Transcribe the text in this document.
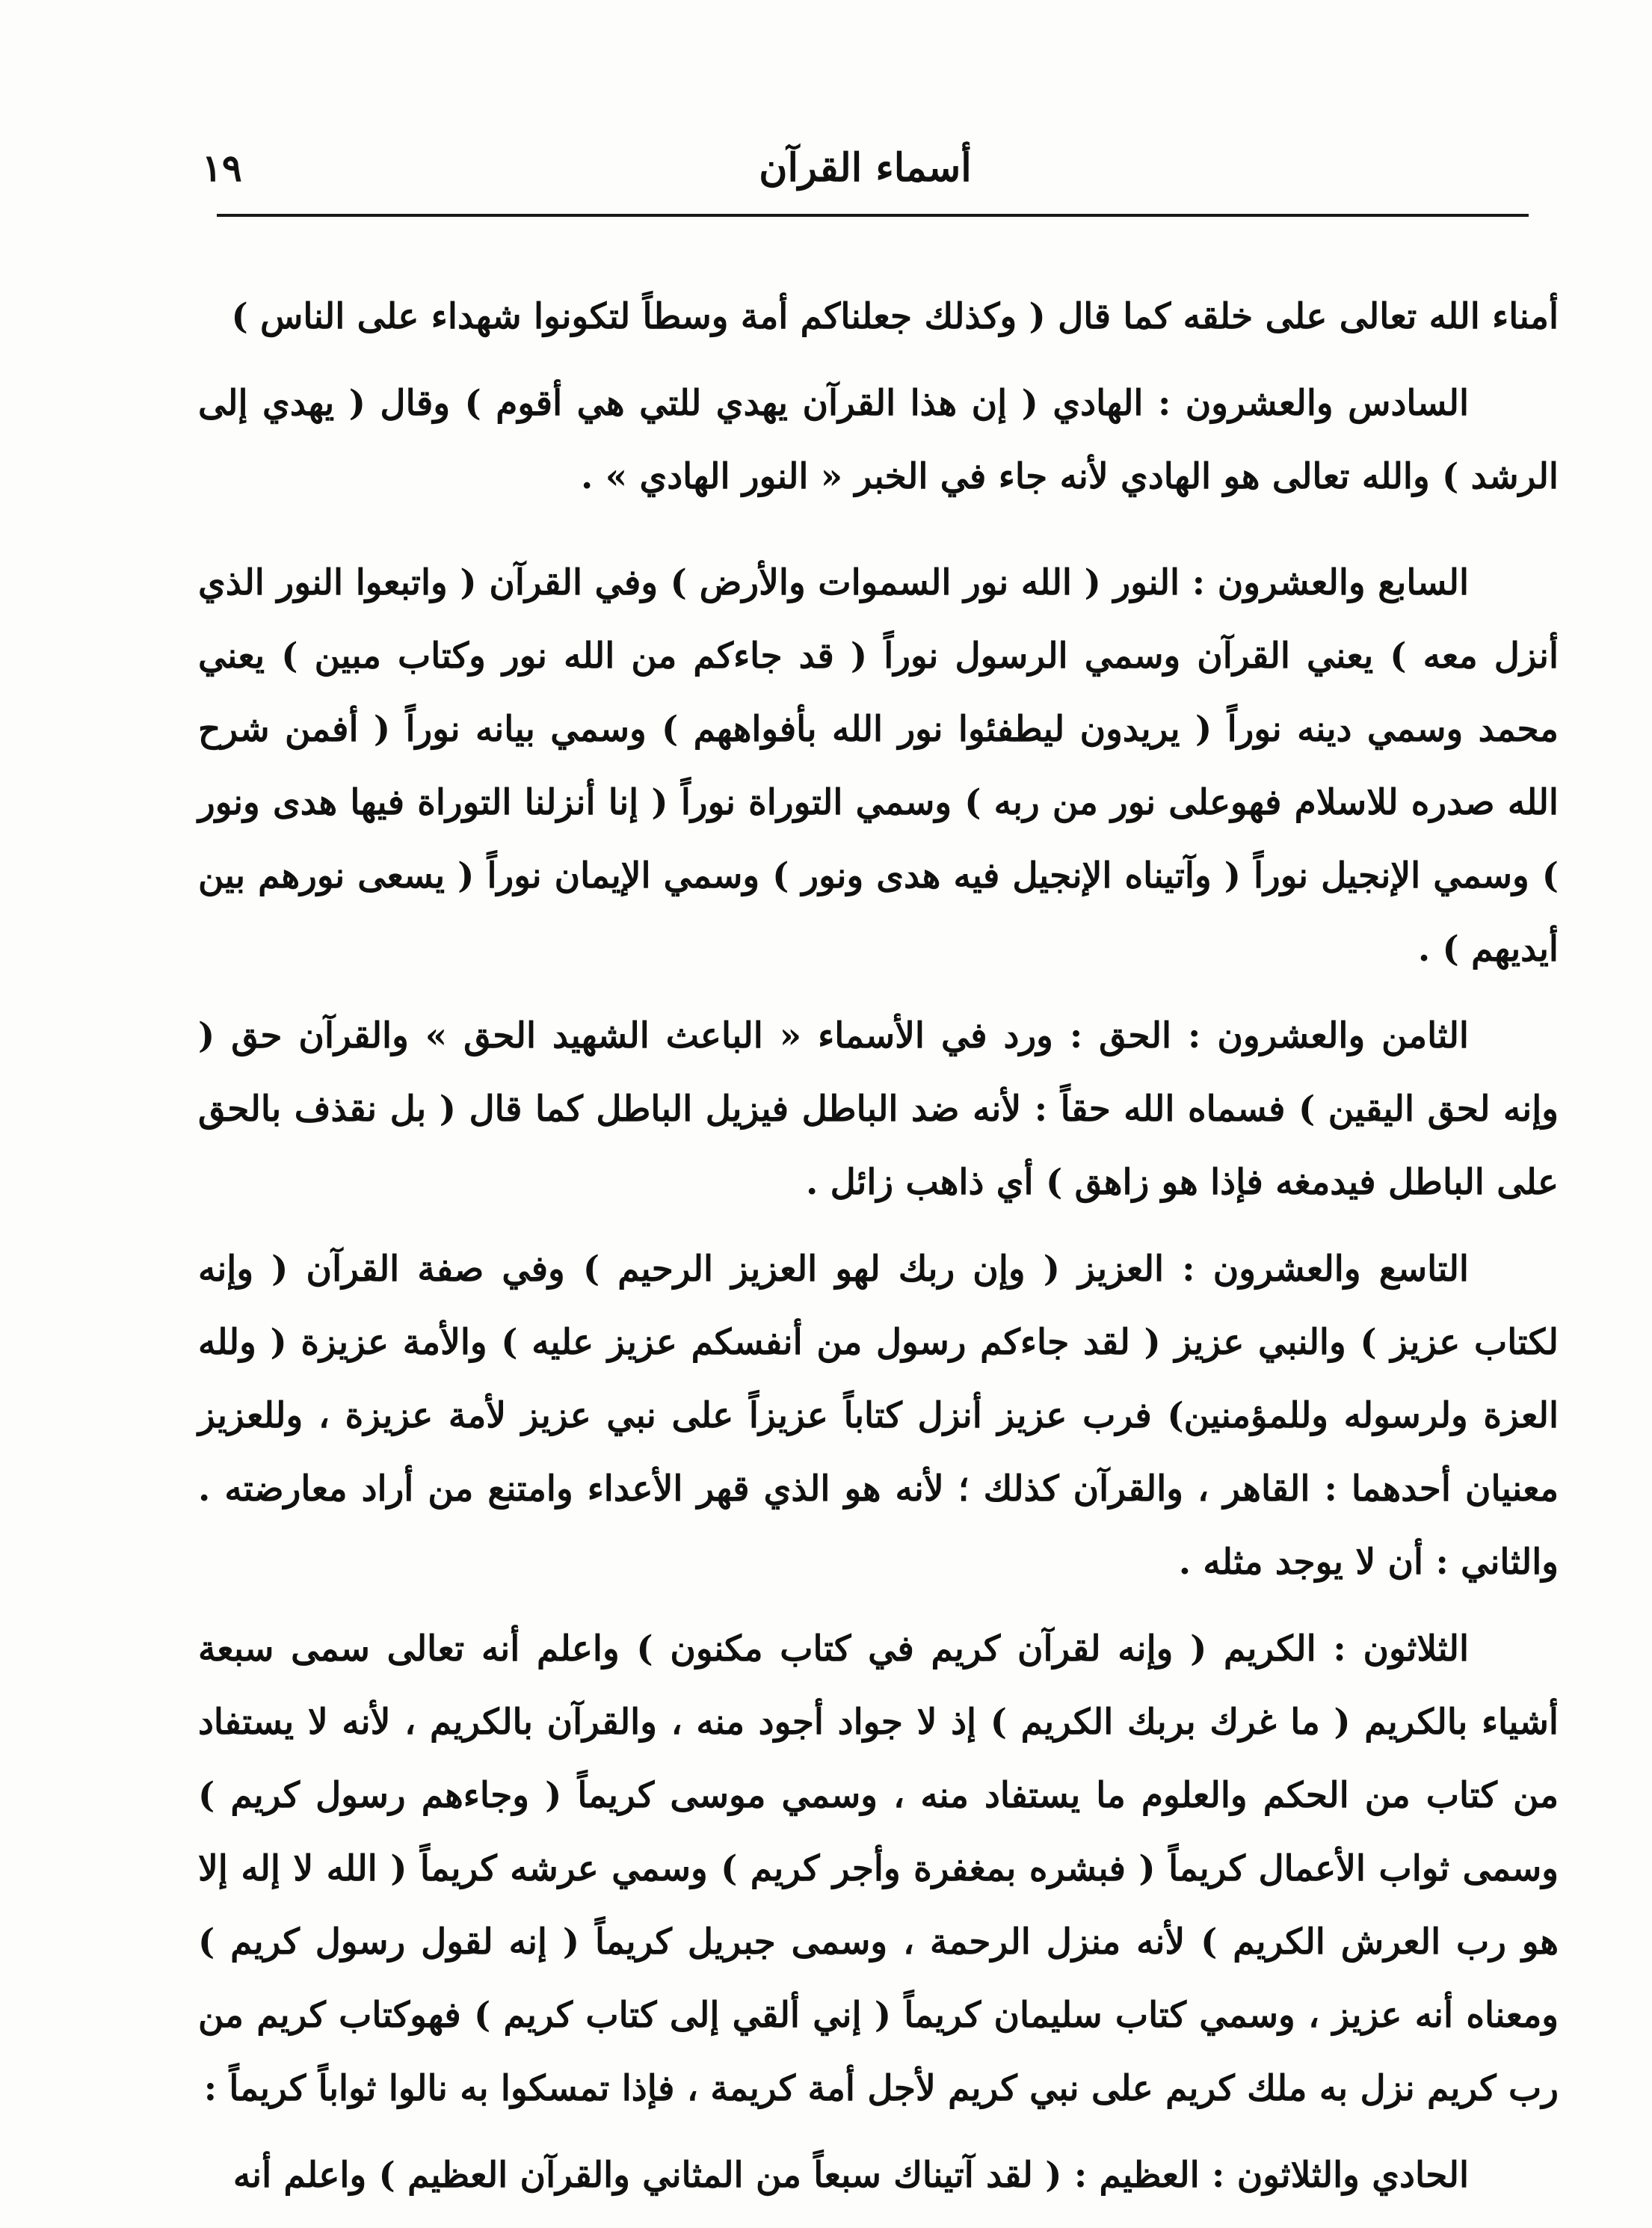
أسماء القرآن
١٩

أمناء الله تعالى على خلقه كما قال ( وكذلك جعلناكم أمة وسطاً لتكونوا شهداء على الناس )

السادس والعشرون : الهادي ( إن هذا القرآن يهدي للتي هي أقوم ) وقال ( يهدي إلى الرشد ) والله تعالى هو الهادي لأنه جاء في الخبر « النور الهادي » .

السابع والعشرون : النور ( الله نور السموات والأرض ) وفي القرآن ( واتبعوا النور الذي أنزل معه ) يعني القرآن وسمي الرسول نوراً ( قد جاءكم من الله نور وكتاب مبين ) يعني محمد وسمي دينه نوراً ( يريدون ليطفئوا نور الله بأفواههم ) وسمي بيانه نوراً ( أفمن شرح الله صدره للاسلام فهوعلى نور من ربه ) وسمي التوراة نوراً ( إنا أنزلنا التوراة فيها هدى ونور ) وسمي الإنجيل نوراً ( وآتيناه الإنجيل فيه هدى ونور ) وسمي الإيمان نوراً ( يسعى نورهم بين أيديهم ) .

الثامن والعشرون : الحق : ورد في الأسماء « الباعث الشهيد الحق » والقرآن حق ( وإنه لحق اليقين ) فسماه الله حقاً : لأنه ضد الباطل فيزيل الباطل كما قال ( بل نقذف بالحق على الباطل فيدمغه فإذا هو زاهق ) أي ذاهب زائل .

التاسع والعشرون : العزيز ( وإن ربك لهو العزيز الرحيم ) وفي صفة القرآن ( وإنه لكتاب عزيز ) والنبي عزيز ( لقد جاءكم رسول من أنفسكم عزيز عليه ) والأمة عزيزة ( ولله العزة ولرسوله وللمؤمنين) فرب عزيز أنزل كتاباً عزيزاً على نبي عزيز لأمة عزيزة ، وللعزيز معنيان أحدهما : القاهر ، والقرآن كذلك ؛ لأنه هو الذي قهر الأعداء وامتنع من أراد معارضته . والثاني : أن لا يوجد مثله .

الثلاثون : الكريم ( وإنه لقرآن كريم في كتاب مكنون ) واعلم أنه تعالى سمى سبعة أشياء بالكريم ( ما غرك بربك الكريم ) إذ لا جواد أجود منه ، والقرآن بالكريم ، لأنه لا يستفاد من كتاب من الحكم والعلوم ما يستفاد منه ، وسمي موسى كريماً ( وجاءهم رسول كريم ) وسمى ثواب الأعمال كريماً ( فبشره بمغفرة وأجر كريم ) وسمي عرشه كريماً ( الله لا إله إلا هو رب العرش الكريم ) لأنه منزل الرحمة ، وسمى جبريل كريماً ( إنه لقول رسول كريم ) ومعناه أنه عزيز ، وسمي كتاب سليمان كريماً ( إني ألقي إلى كتاب كريم ) فهوكتاب كريم من رب كريم نزل به ملك كريم على نبي كريم لأجل أمة كريمة ، فإذا تمسكوا به نالوا ثواباً كريماً :

الحادي والثلاثون : العظيم : ( لقد آتيناك سبعاً من المثاني والقرآن العظيم ) واعلم أنه
